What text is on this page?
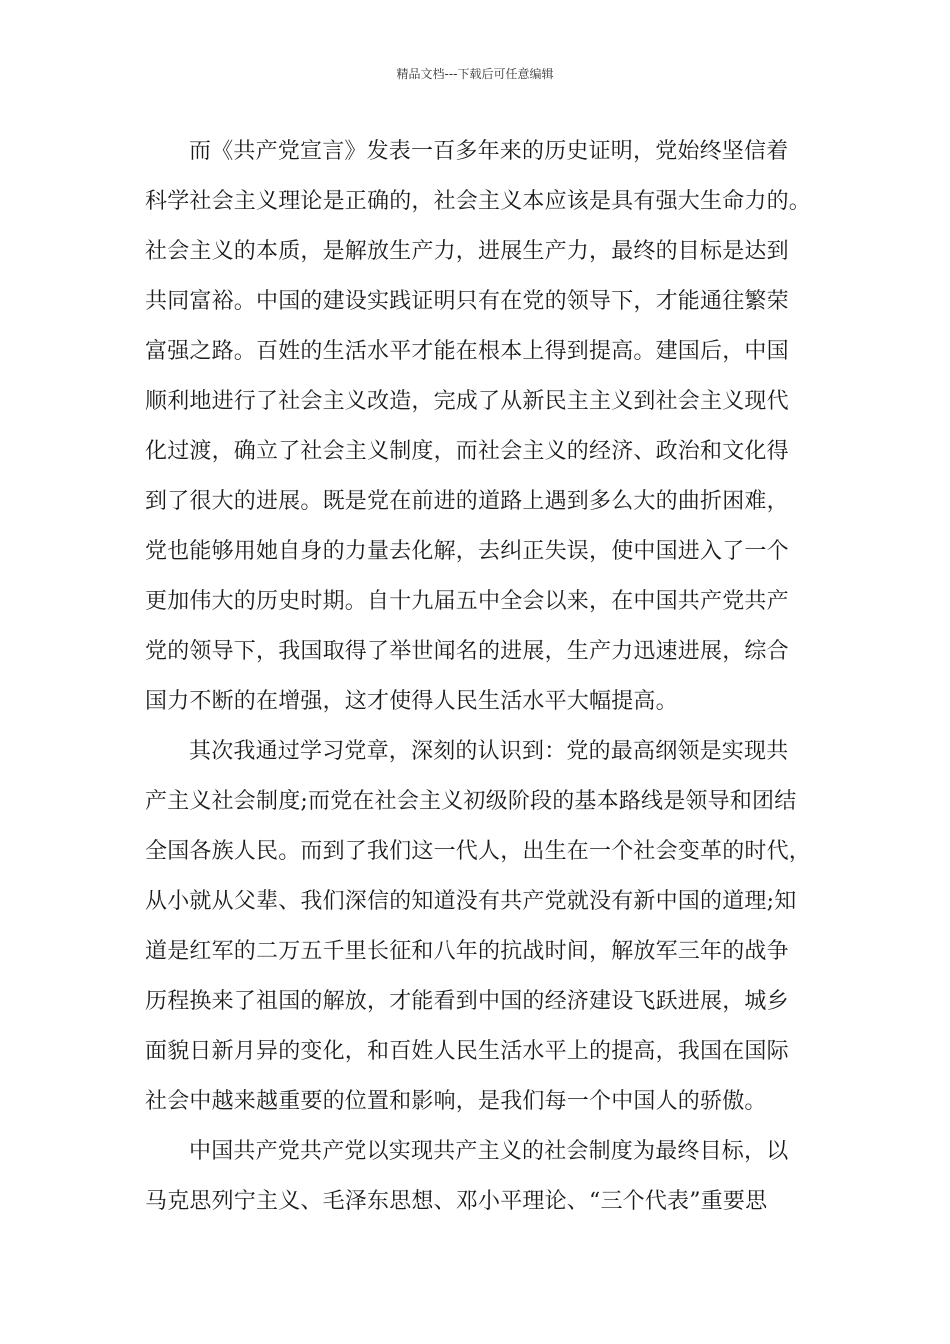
精品文档---下载后可任意编辑
而《共产党宣言》发表一百多年来的历史证明，党始终坚信着
科学社会主义理论是正确的，社会主义本应该是具有强大生命力的。
社会主义的本质，是解放生产力，进展生产力，最终的目标是达到
共同富裕。中国的建设实践证明只有在党的领导下，才能通往繁荣
富强之路。百姓的生活水平才能在根本上得到提高。建国后，中国
顺利地进行了社会主义改造，完成了从新民主主义到社会主义现代
化过渡，确立了社会主义制度，而社会主义的经济、政治和文化得
到了很大的进展。既是党在前进的道路上遇到多么大的曲折困难，
党也能够用她自身的力量去化解，去纠正失误，使中国进入了一个
更加伟大的历史时期。自十九届五中全会以来，在中国共产党共产
党的领导下，我国取得了举世闻名的进展，生产力迅速进展，综合
国力不断的在增强，这才使得人民生活水平大幅提高。
其次我通过学习党章，深刻的认识到：党的最高纲领是实现共
产主义社会制度;而党在社会主义初级阶段的基本路线是领导和团结
全国各族人民。而到了我们这一代人，出生在一个社会变革的时代，
从小就从父辈、我们深信的知道没有共产党就没有新中国的道理;知
道是红军的二万五千里长征和八年的抗战时间，解放军三年的战争
历程换来了祖国的解放，才能看到中国的经济建设飞跃进展，城乡
面貌日新月异的变化，和百姓人民生活水平上的提高，我国在国际
社会中越来越重要的位置和影响，是我们每一个中国人的骄傲。
中国共产党共产党以实现共产主义的社会制度为最终目标，以
马克思列宁主义、毛泽东思想、邓小平理论、“三个代表”重要思
